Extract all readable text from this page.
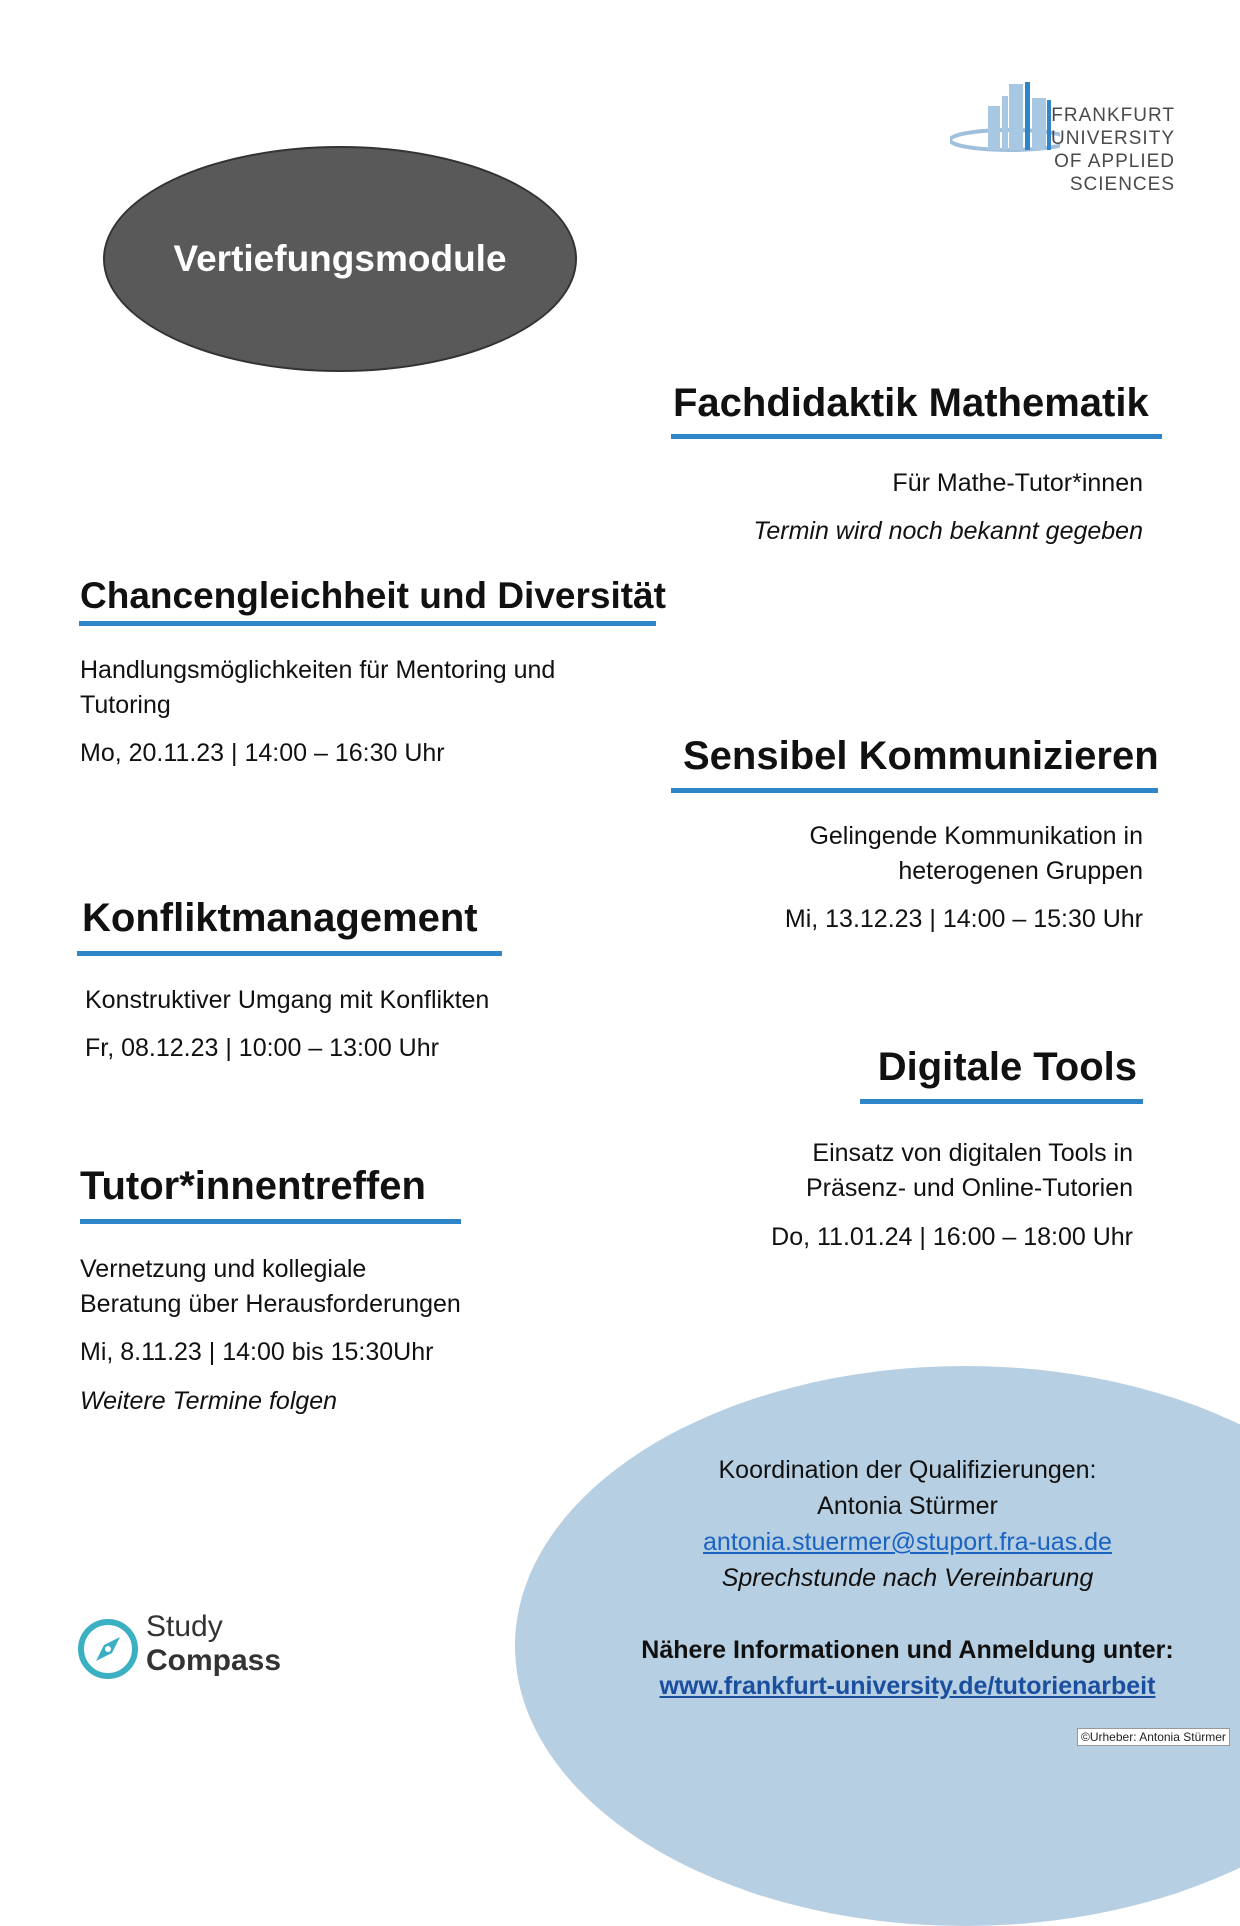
FRANKFURT
UNIVERSITY
OF APPLIED SCIENCES
Vertiefungsmodule
Fachdidaktik Mathematik
Für Mathe-Tutor*innen
Termin wird noch bekannt gegeben
Chancengleichheit und Diversität
Handlungsmöglichkeiten für Mentoring und
Tutoring
Mo, 20.11.23 | 14:00 – 16:30 Uhr	Sensibel Kommunizieren
Gelingende Kommunikation in
heterogenen Gruppen
Mi, 13.12.23 | 14:00 – 15:30 Uhr
Konfliktmanagement
Konstruktiver Umgang mit Konflikten
Fr, 08.12.23 | 10:00 – 13:00 Uhr	Digitale Tools
Einsatz von digitalen Tools in
Präsenz- und Online-Tutorien
Do, 11.01.24 | 16:00 – 18:00 Uhr
Tutor*innentreffen
Vernetzung und kollegiale
Beratung über Herausforderungen
Mi, 8.11.23 | 14:00 bis 15:30Uhr
Weitere Termine folgen
Koordination der Qualifizierungen:
Antonia Stürmer
antonia.stuermer@stuport.fra-uas.de
Sprechstunde nach Vereinbarung
Nähere Informationen und Anmeldung unter:
www.frankfurt-university.de/tutorienarbeit
Study
Compass
©Urheber: Antonia Stürmer
